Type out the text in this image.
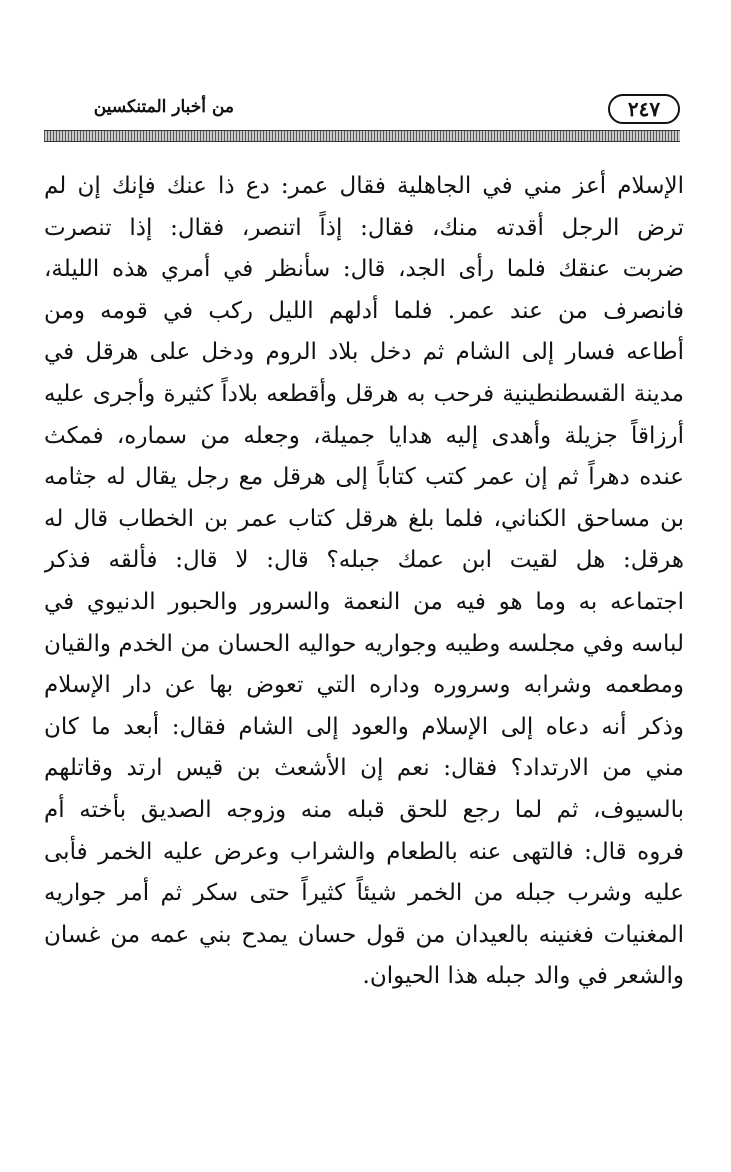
٢٤٧
من أخبار المتنكسين
الإسلام أعز مني في الجاهلية فقال عمر: دع ذا عنك فإنك إن لم
ترض الرجل أقدته منك، فقال: إذاً اتنصر، فقال: إذا تنصرت
ضربت عنقك فلما رأى الجد، قال: سأنظر في أمري هذه الليلة،
فانصرف من عند عمر. فلما أدلهم الليل ركب في قومه ومن
أطاعه فسار إلى الشام ثم دخل بلاد الروم ودخل على هرقل في
مدينة القسطنطينية فرحب به هرقل وأقطعه بلاداً كثيرة وأجرى عليه
أرزاقاً جزيلة وأهدى إليه هدايا جميلة، وجعله من سماره، فمكث
عنده دهراً ثم إن عمر كتب كتاباً إلى هرقل مع رجل يقال له جثامه
بن مساحق الكناني، فلما بلغ هرقل كتاب عمر بن الخطاب قال له
هرقل: هل لقيت ابن عمك جبله؟ قال: لا قال: فألقه فذكر
اجتماعه به وما هو فيه من النعمة والسرور والحبور الدنيوي في
لباسه وفي مجلسه وطيبه وجواريه حواليه الحسان من الخدم والقيان
ومطعمه وشرابه وسروره وداره التي تعوض بها عن دار الإسلام
وذكر أنه دعاه إلى الإسلام والعود إلى الشام فقال: أبعد ما كان
مني من الارتداد؟ فقال: نعم إن الأشعث بن قيس ارتد وقاتلهم
بالسيوف، ثم لما رجع للحق قبله منه وزوجه الصديق بأخته أم
فروه قال: فالتهى عنه بالطعام والشراب وعرض عليه الخمر فأبى
عليه وشرب جبله من الخمر شيئاً كثيراً حتى سكر ثم أمر جواريه
المغنيات فغنينه بالعيدان من قول حسان يمدح بني عمه من غسان
والشعر في والد جبله هذا الحيوان.
